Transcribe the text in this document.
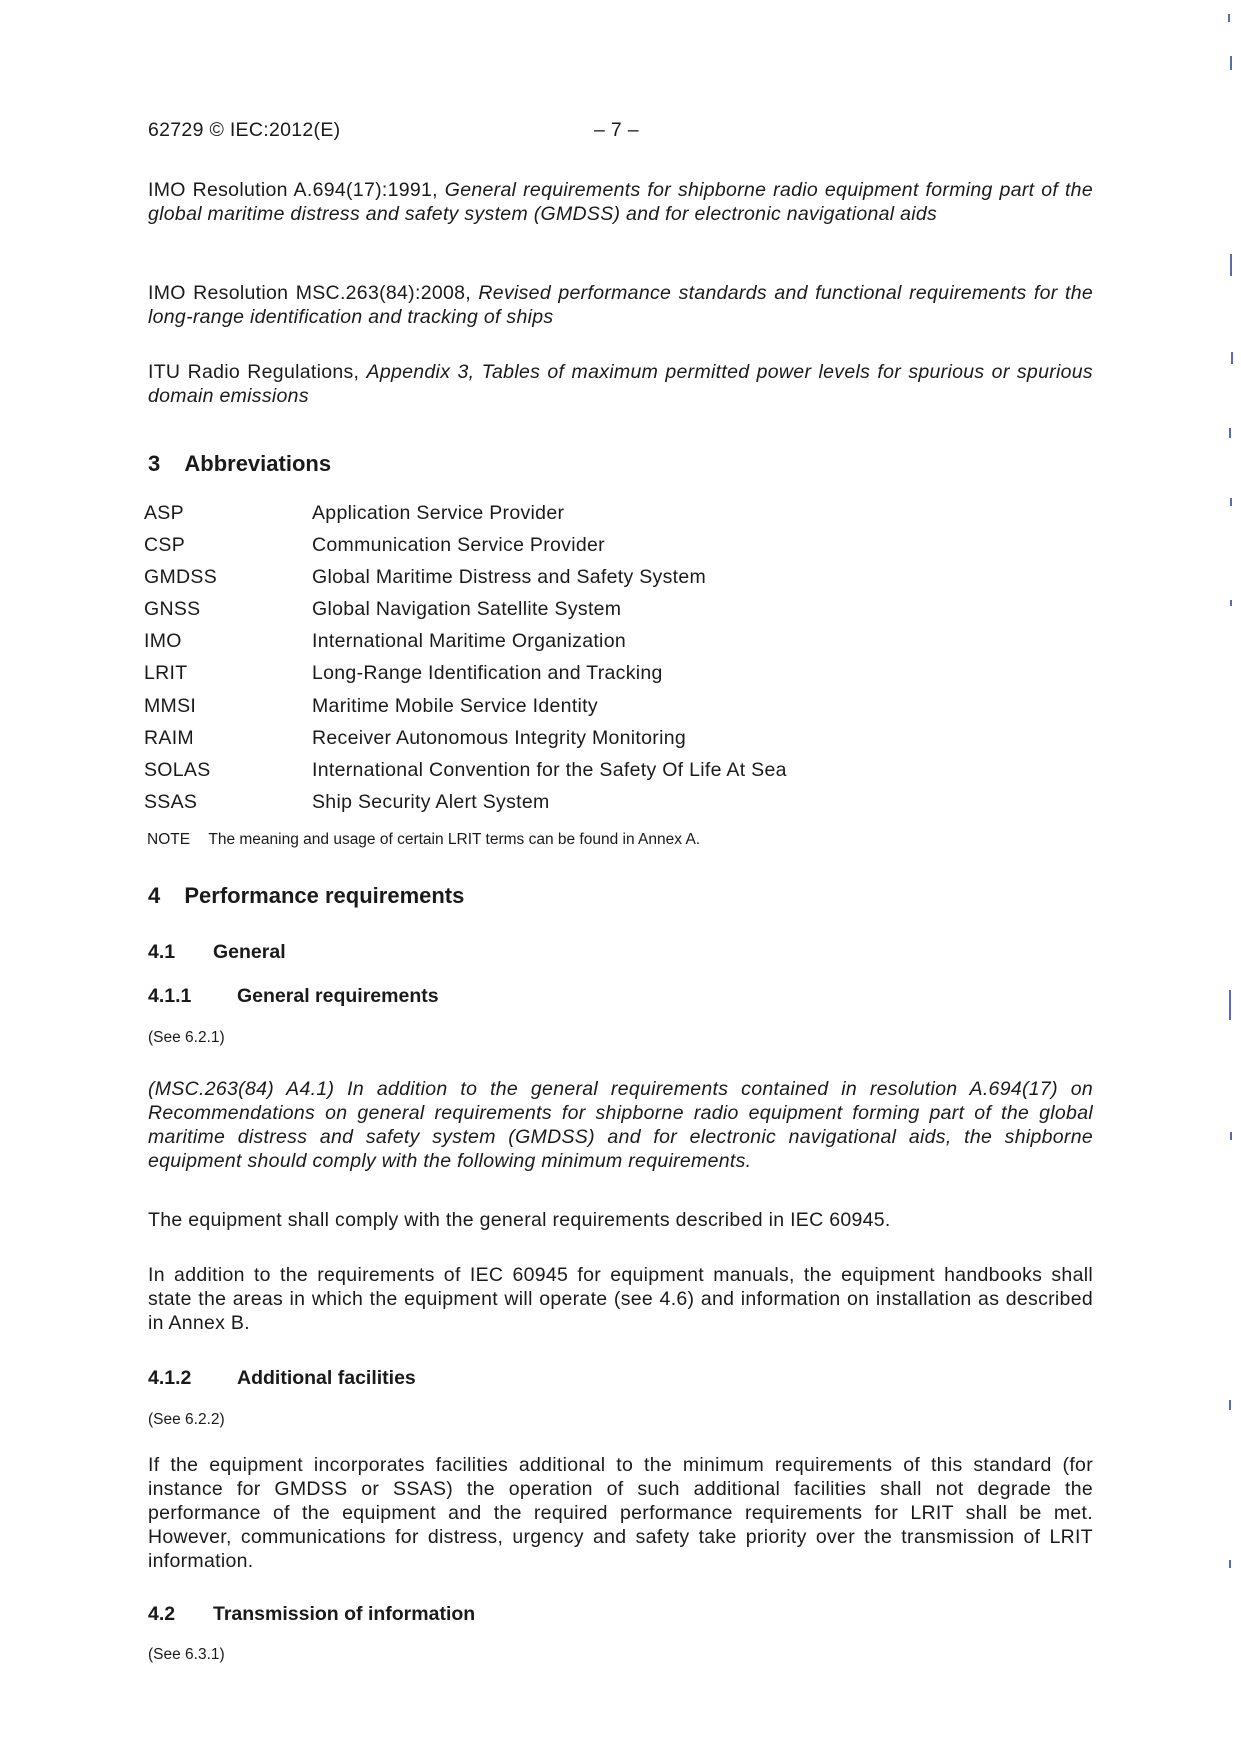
62729 © IEC:2012(E)	– 7 –
IMO Resolution A.694(17):1991, General requirements for shipborne radio equipment forming part of the global maritime distress and safety system (GMDSS) and for electronic navigational aids
IMO Resolution MSC.263(84):2008, Revised performance standards and functional requirements for the long-range identification and tracking of ships
ITU Radio Regulations, Appendix 3, Tables of maximum permitted power levels for spurious or spurious domain emissions
3 Abbreviations
ASP	Application Service Provider
CSP	Communication Service Provider
GMDSS	Global Maritime Distress and Safety System
GNSS	Global Navigation Satellite System
IMO	International Maritime Organization
LRIT	Long-Range Identification and Tracking
MMSI	Maritime Mobile Service Identity
RAIM	Receiver Autonomous Integrity Monitoring
SOLAS	International Convention for the Safety Of Life At Sea
SSAS	Ship Security Alert System
NOTE The meaning and usage of certain LRIT terms can be found in Annex A.
4 Performance requirements
4.1 General
4.1.1 General requirements
(See 6.2.1)
(MSC.263(84) A4.1) In addition to the general requirements contained in resolution A.694(17) on Recommendations on general requirements for shipborne radio equipment forming part of the global maritime distress and safety system (GMDSS) and for electronic navigational aids, the shipborne equipment should comply with the following minimum requirements.
The equipment shall comply with the general requirements described in IEC 60945.
In addition to the requirements of IEC 60945 for equipment manuals, the equipment handbooks shall state the areas in which the equipment will operate (see 4.6) and information on installation as described in Annex B.
4.1.2 Additional facilities
(See 6.2.2)
If the equipment incorporates facilities additional to the minimum requirements of this standard (for instance for GMDSS or SSAS) the operation of such additional facilities shall not degrade the performance of the equipment and the required performance requirements for LRIT shall be met. However, communications for distress, urgency and safety take priority over the transmission of LRIT information.
4.2 Transmission of information
(See 6.3.1)
